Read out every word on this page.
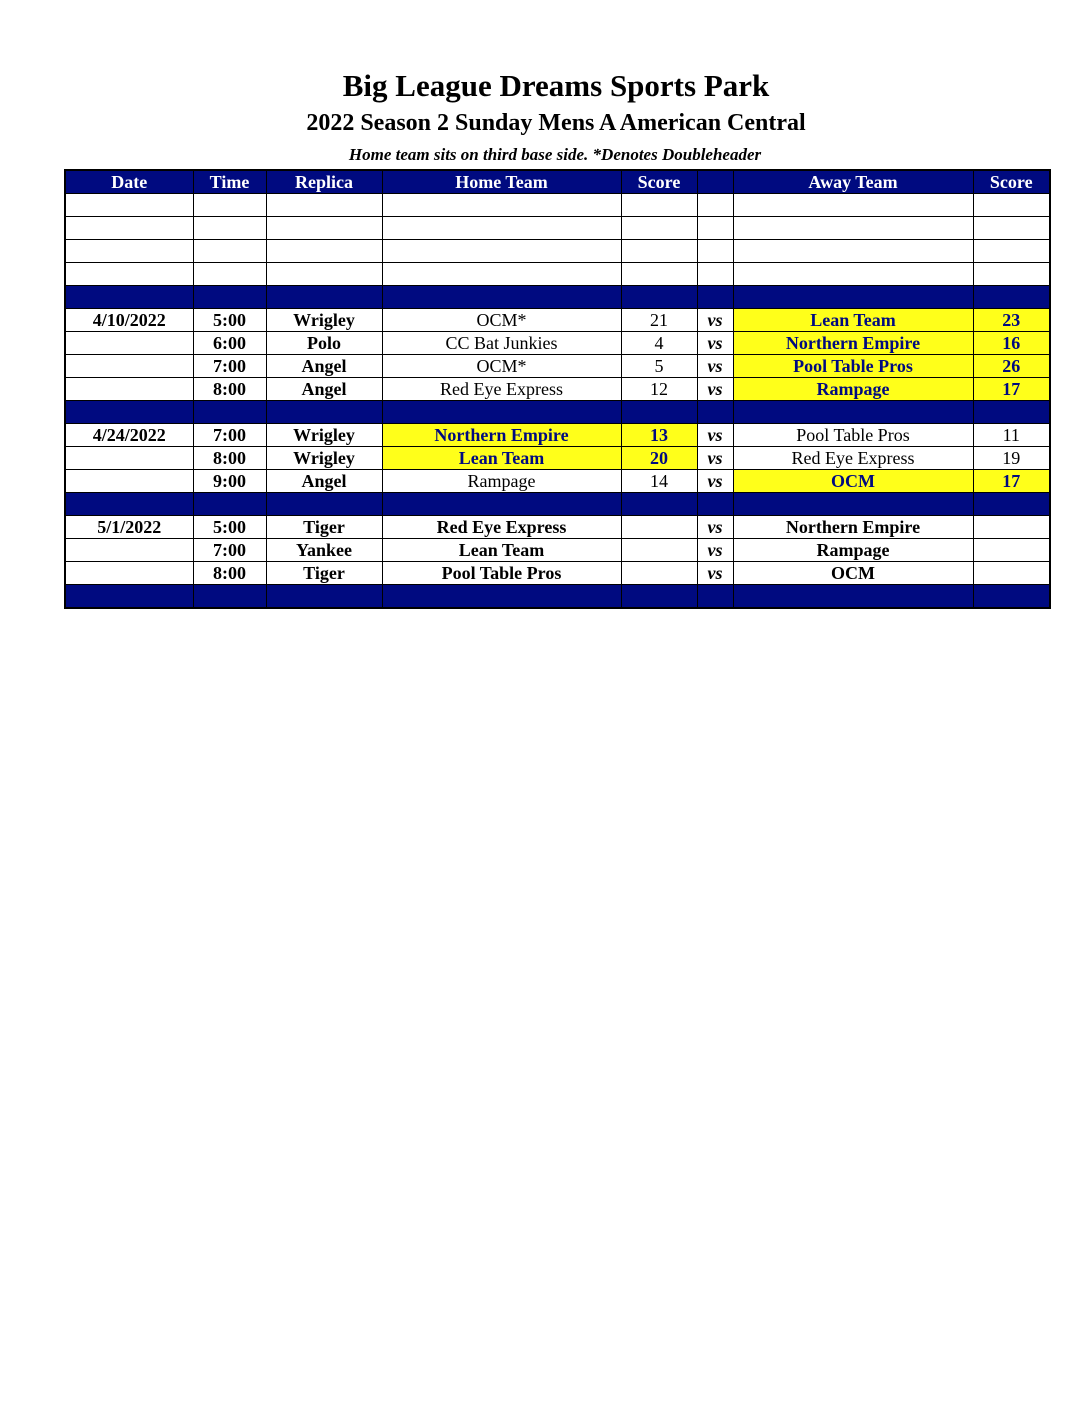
Big League Dreams Sports Park
2022 Season 2 Sunday Mens A American Central
Home team sits on third base side. *Denotes Doubleheader
Date	Time	Replica	Home Team	Score		Away Team	Score

4/10/2022	5:00	Wrigley	OCM*	21	vs	Lean Team	23
	6:00	Polo	CC Bat Junkies	4	vs	Northern Empire	16
	7:00	Angel	OCM*	5	vs	Pool Table Pros	26
	8:00	Angel	Red Eye Express	12	vs	Rampage	17

4/24/2022	7:00	Wrigley	Northern Empire	13	vs	Pool Table Pros	11
	8:00	Wrigley	Lean Team	20	vs	Red Eye Express	19
	9:00	Angel	Rampage	14	vs	OCM	17

5/1/2022	5:00	Tiger	Red Eye Express		vs	Northern Empire	
	7:00	Yankee	Lean Team		vs	Rampage	
	8:00	Tiger	Pool Table Pros		vs	OCM	
